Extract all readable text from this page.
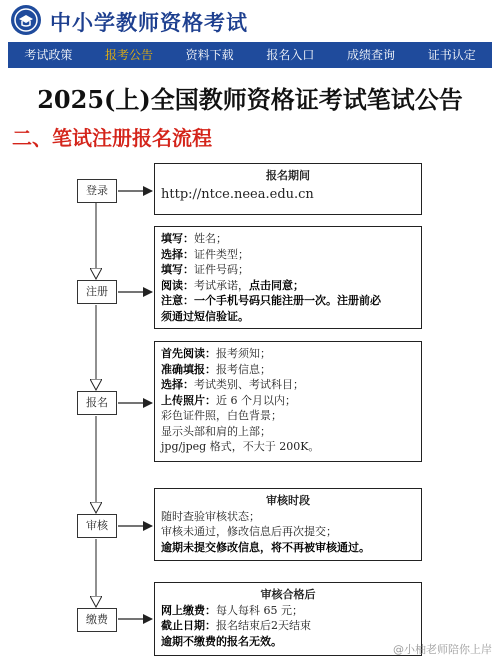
中小学教师资格考试
考试政策	报考公告	资料下载	报名入口	成绩查询	证书认定
2025(上)全国教师资格证考试笔试公告
二、笔试注册报名流程
登录
注册
报名
审核
缴费
报名期间
http://ntce.neea.edu.cn
填写：姓名；
选择：证件类型；
填写：证件号码；
阅读：考试承诺，点击同意；
注意：一个手机号码只能注册一次。注册前必
须通过短信验证。
首先阅读：报考须知；
准确填报：报考信息；
选择：考试类别、考试科目；
上传照片：近 6 个月以内；
彩色证件照，白色背景；
显示头部和肩的上部；
jpg/jpeg 格式，不大于 200K。
审核时段
随时查验审核状态；
审核未通过，修改信息后再次提交；
逾期未提交修改信息，将不再被审核通过。
审核合格后
网上缴费：每人每科 65 元；
截止日期：报名结束后2天结束
逾期不缴费的报名无效。
@小柚老师陪你上岸
